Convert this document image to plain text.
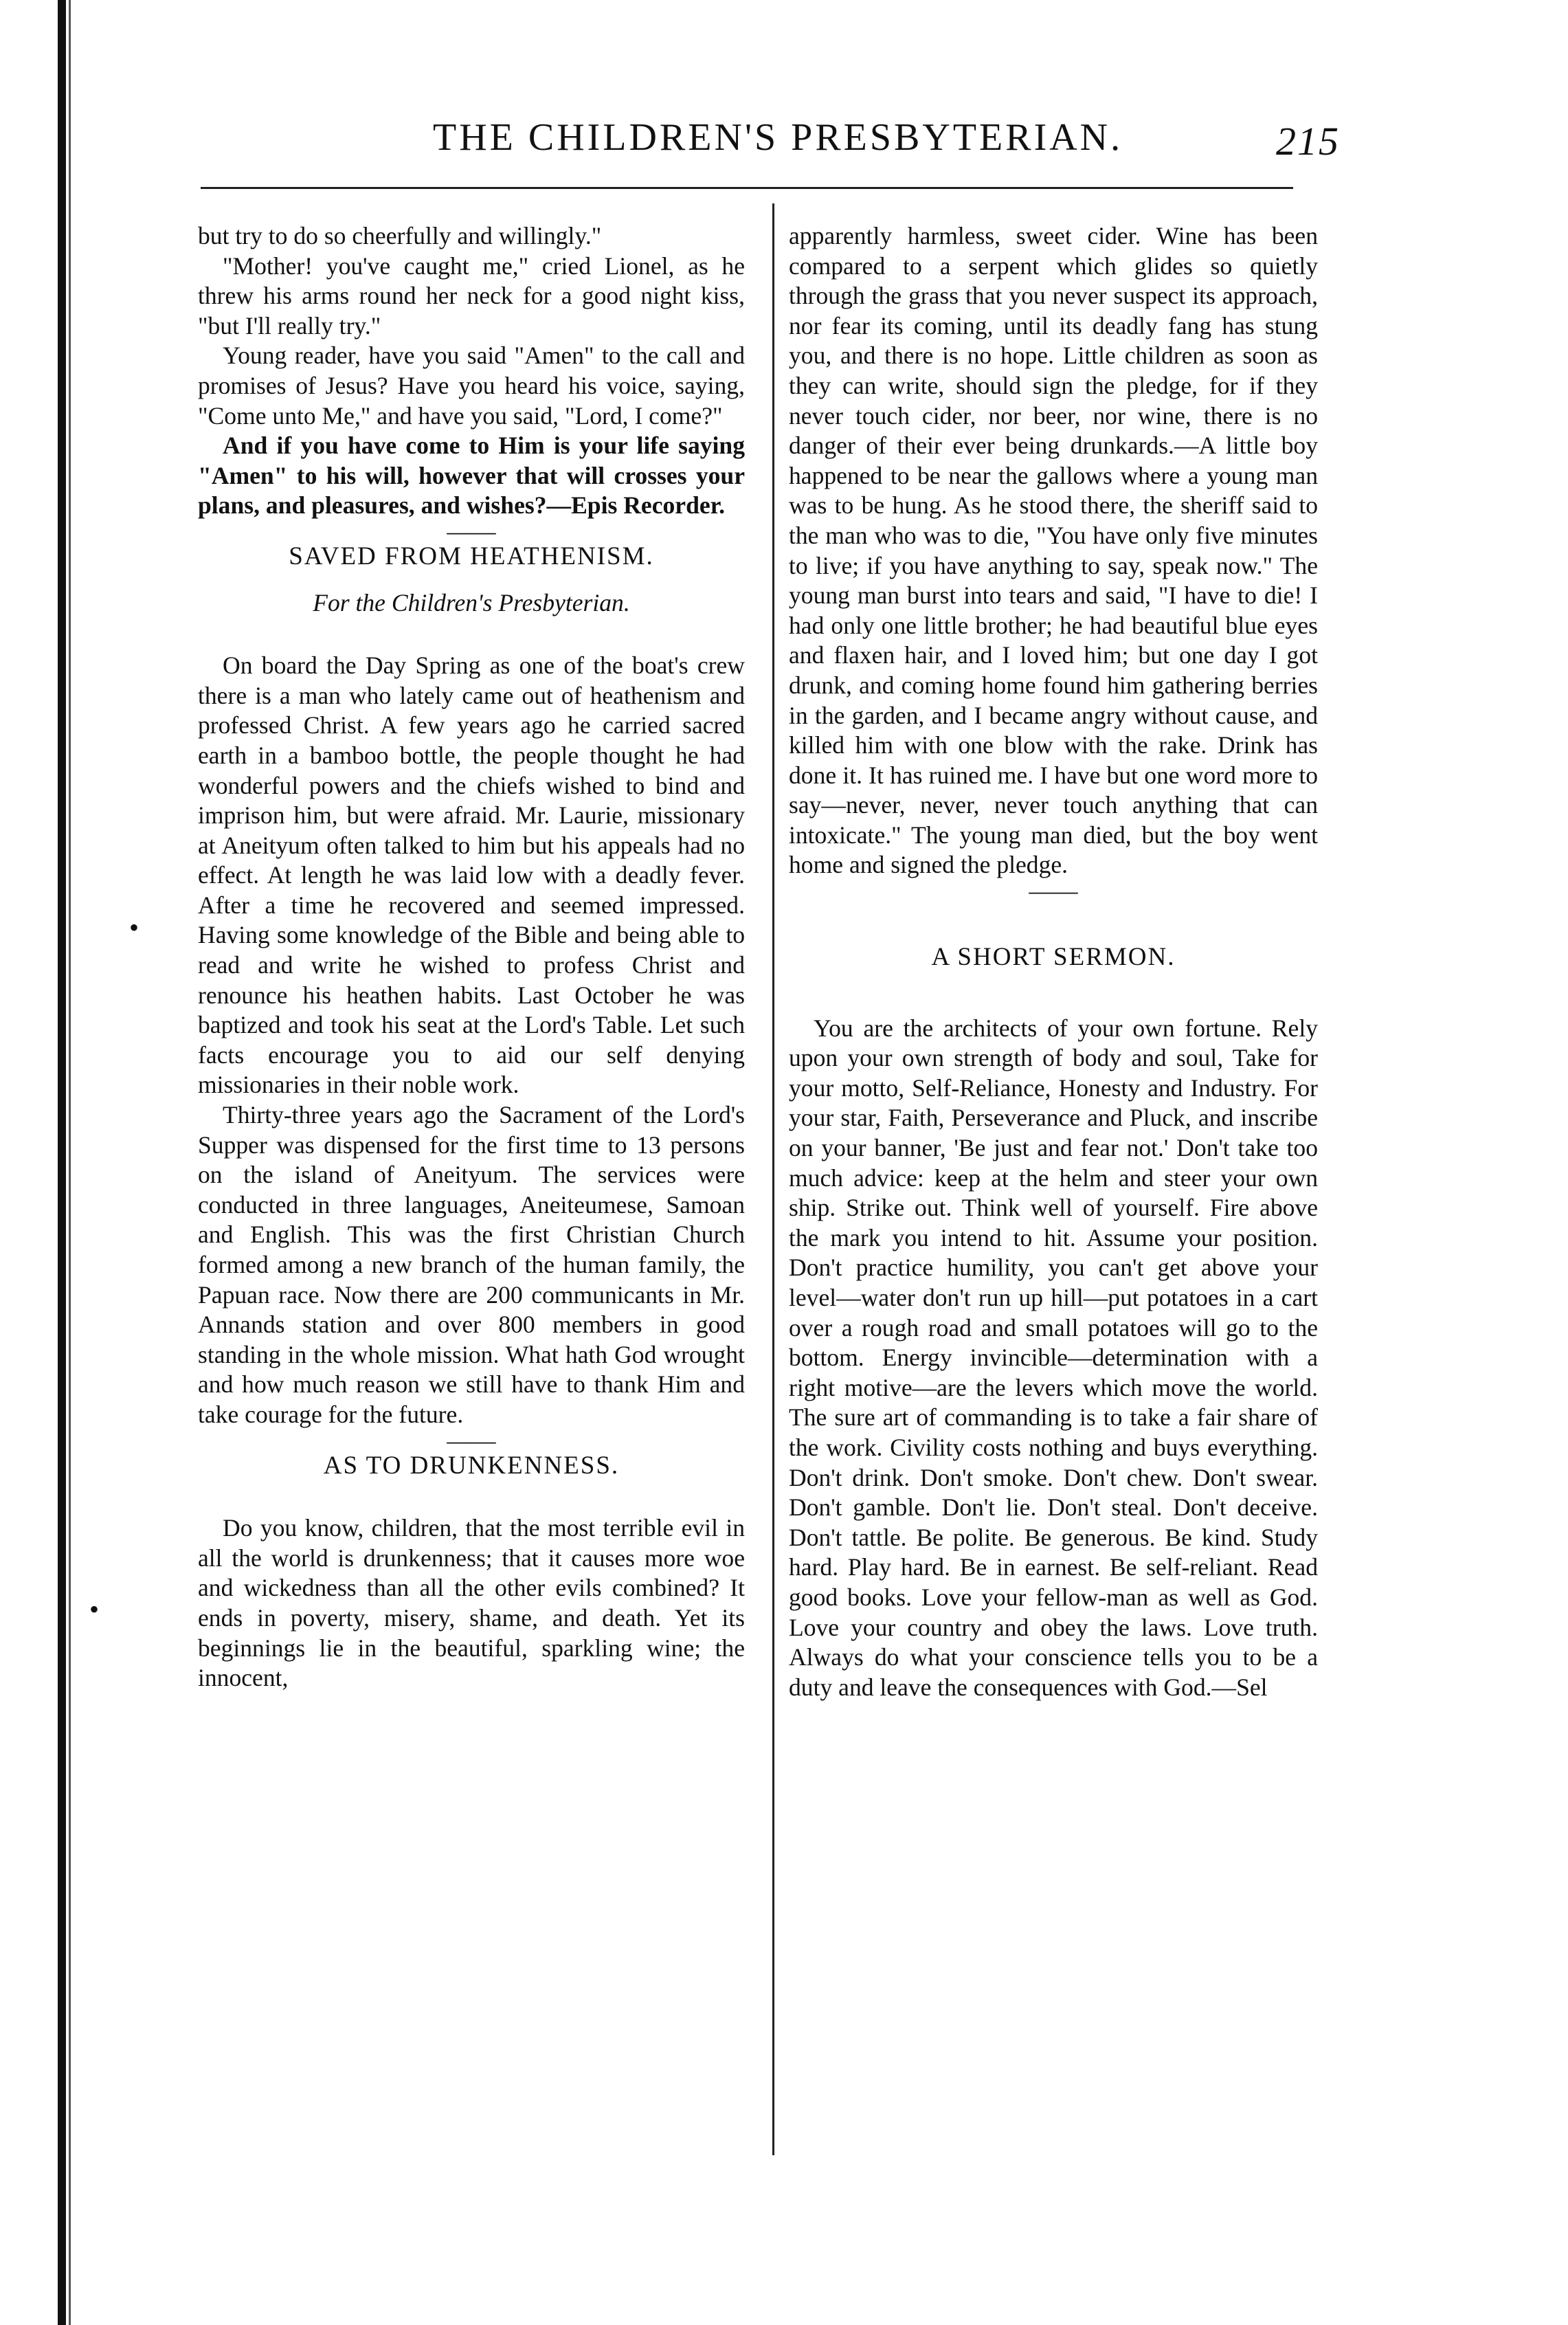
THE CHILDREN'S PRESBYTERIAN.	215
•
•

but try to do so cheerfully and willingly."

"Mother! you've caught me," cried Lionel, as he threw his arms round her neck for a good night kiss, "but I'll really try."

Young reader, have you said "Amen" to the call and promises of Jesus? Have you heard his voice, saying, "Come unto Me," and have you said, "Lord, I come?"

And if you have come to Him is your life saying "Amen" to his will, however that will crosses your plans, and pleasures, and wishes?—Epis Recorder.

——

SAVED FROM HEATHENISM.

For the Children's Presbyterian.

On board the Day Spring as one of the boat's crew there is a man who lately came out of heathenism and professed Christ. A few years ago he carried sacred earth in a bamboo bottle, the people thought he had wonderful powers and the chiefs wished to bind and imprison him, but were afraid. Mr. Laurie, missionary at Aneityum often talked to him but his appeals had no effect. At length he was laid low with a deadly fever. After a time he recovered and seemed impressed. Having some knowledge of the Bible and being able to read and write he wished to profess Christ and renounce his heathen habits. Last October he was baptized and took his seat at the Lord's Table. Let such facts encourage you to aid our self denying missionaries in their noble work.

Thirty-three years ago the Sacrament of the Lord's Supper was dispensed for the first time to 13 persons on the island of Aneityum. The services were conducted in three languages, Aneiteumese, Samoan and English. This was the first Christian Church formed among a new branch of the human family, the Papuan race. Now there are 200 communicants in Mr. Annands station and over 800 members in good standing in the whole mission. What hath God wrought and how much reason we still have to thank Him and take courage for the future.

——

AS TO DRUNKENNESS.

Do you know, children, that the most terrible evil in all the world is drunkenness; that it causes more woe and wickedness than all the other evils combined? It ends in poverty, misery, shame, and death. Yet its beginnings lie in the beautiful, sparkling wine; the innocent,

apparently harmless, sweet cider. Wine has been compared to a serpent which glides so quietly through the grass that you never suspect its approach, nor fear its coming, until its deadly fang has stung you, and there is no hope. Little children as soon as they can write, should sign the pledge, for if they never touch cider, nor beer, nor wine, there is no danger of their ever being drunkards.—A little boy happened to be near the gallows where a young man was to be hung. As he stood there, the sheriff said to the man who was to die, "You have only five minutes to live; if you have anything to say, speak now." The young man burst into tears and said, "I have to die! I had only one little brother; he had beautiful blue eyes and flaxen hair, and I loved him; but one day I got drunk, and coming home found him gathering berries in the garden, and I became angry without cause, and killed him with one blow with the rake. Drink has done it. It has ruined me. I have but one word more to say—never, never, never touch anything that can intoxicate." The young man died, but the boy went home and signed the pledge.

——

A SHORT SERMON.

You are the architects of your own fortune. Rely upon your own strength of body and soul, Take for your motto, Self-Reliance, Honesty and Industry. For your star, Faith, Perseverance and Pluck, and inscribe on your banner, 'Be just and fear not.' Don't take too much advice: keep at the helm and steer your own ship. Strike out. Think well of yourself. Fire above the mark you intend to hit. Assume your position. Don't practice humility, you can't get above your level—water don't run up hill—put potatoes in a cart over a rough road and small potatoes will go to the bottom. Energy invincible—determination with a right motive—are the levers which move the world. The sure art of commanding is to take a fair share of the work. Civility costs nothing and buys everything. Don't drink. Don't smoke. Don't chew. Don't swear. Don't gamble. Don't lie. Don't steal. Don't deceive. Don't tattle. Be polite. Be generous. Be kind. Study hard. Play hard. Be in earnest. Be self-reliant. Read good books. Love your fellow-man as well as God. Love your country and obey the laws. Love truth. Always do what your conscience tells you to be a duty and leave the consequences with God.—Sel
